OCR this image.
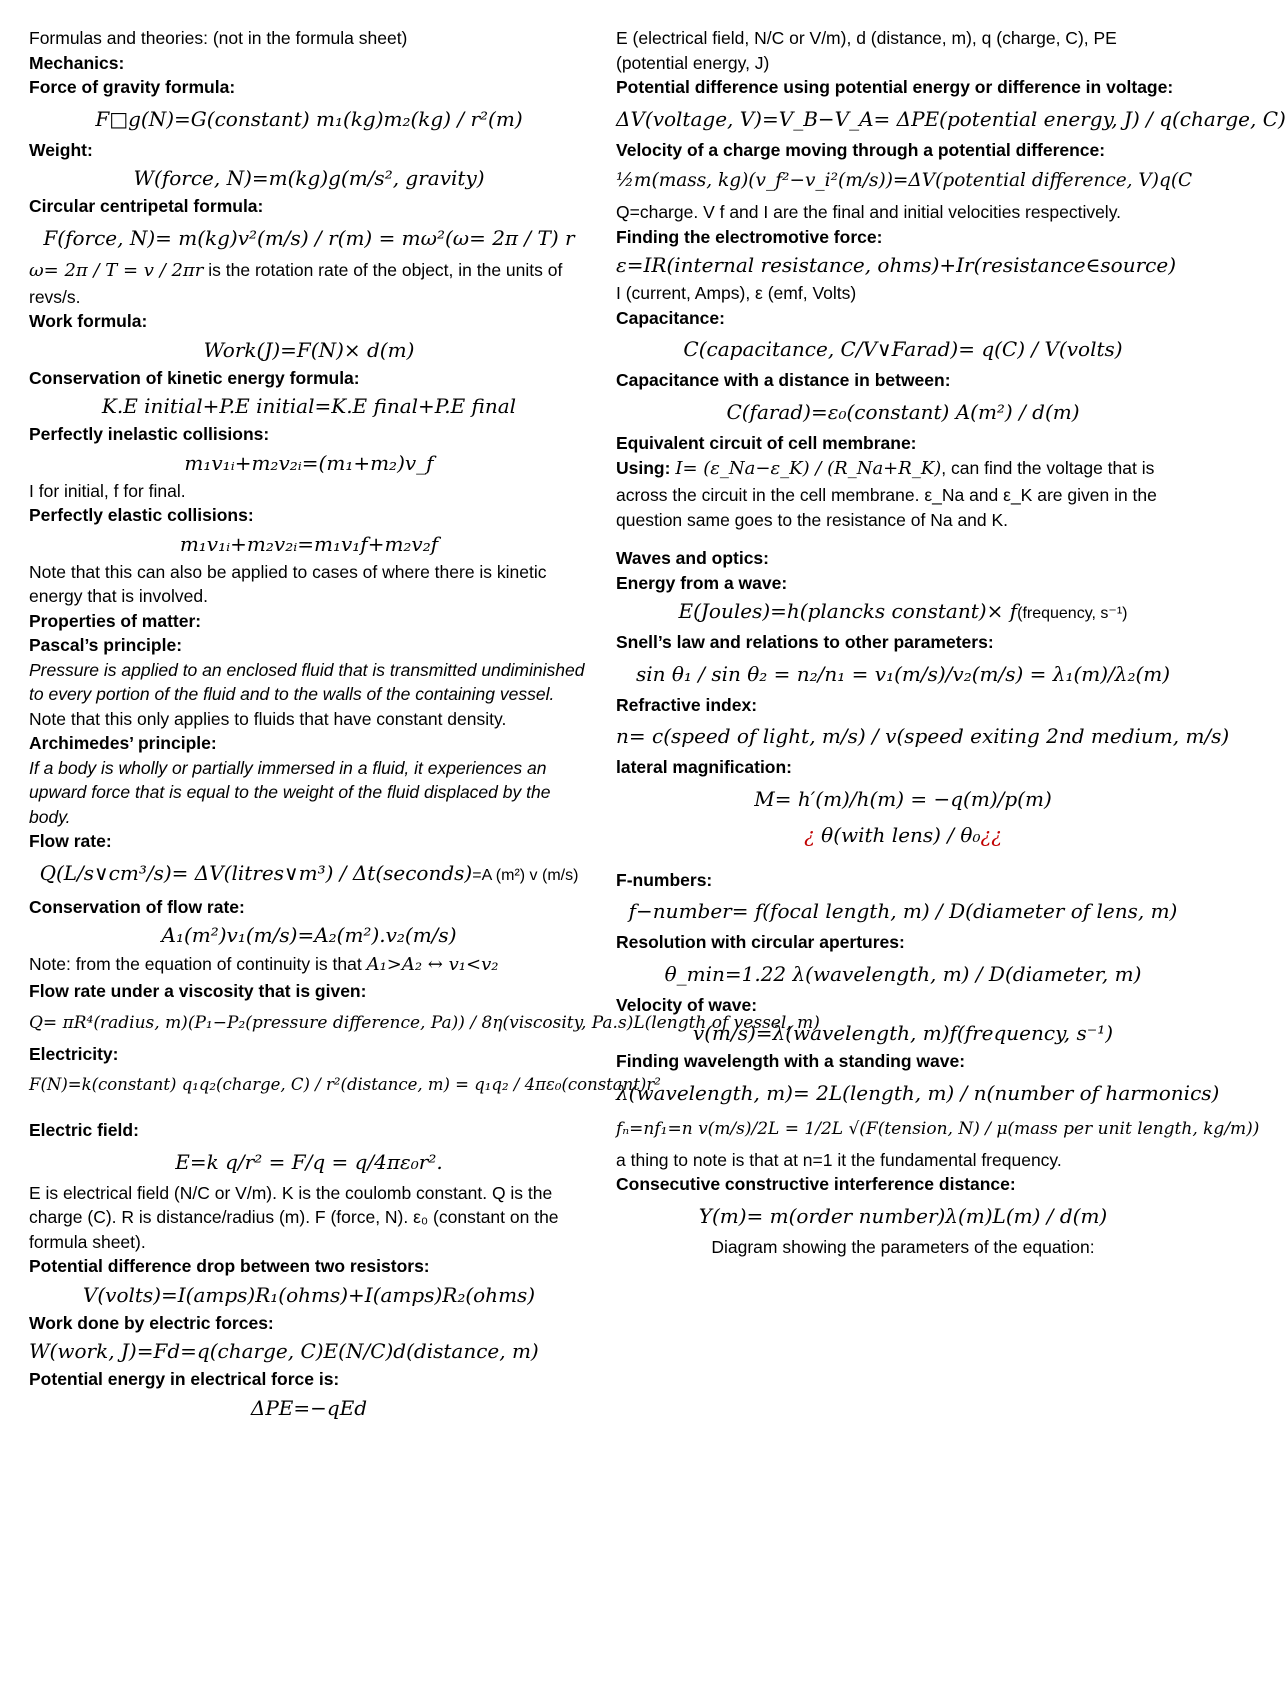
Formulas and theories: (not in the formula sheet)

Mechanics:

Force of gravity formula:

F□g(N)=G(constant) m₁(kg)m₂(kg) / r²(m)

Weight:

W(force, N)=m(kg)g(m/s², gravity)

Circular centripetal formula:

F(force, N)= m(kg)v²(m/s) / r(m) = mω²(ω= 2π / T) r

ω= 2π / T = v / 2πr is the rotation rate of the object, in the units of revs/s.

Work formula:

Work(J)=F(N)× d(m)

Conservation of kinetic energy formula:

K.E initial+P.E initial=K.E final+P.E final

Perfectly inelastic collisions:

m₁v₁ᵢ+m₂v₂ᵢ=(m₁+m₂)v_f

I for initial, f for final.

Perfectly elastic collisions:

m₁v₁ᵢ+m₂v₂ᵢ=m₁v₁f+m₂v₂f

Note that this can also be applied to cases of where there is kinetic energy that is involved.

Properties of matter:

Pascal’s principle:

Pressure is applied to an enclosed fluid that is transmitted undiminished to every portion of the fluid and to the walls of the containing vessel. Note that this only applies to fluids that have constant density.

Archimedes’ principle:

If a body is wholly or partially immersed in a fluid, it experiences an upward force that is equal to the weight of the fluid displaced by the body.

Flow rate:

Q(L/s∨cm³/s)= ΔV(litres∨m³) / Δt(seconds)=A (m²) v (m/s)

Conservation of flow rate:

A₁(m²)v₁(m/s)=A₂(m²).v₂(m/s)

Note: from the equation of continuity is that A₁>A₂ ↔ v₁<v₂

Flow rate under a viscosity that is given:

Q= πR⁴(radius, m)(P₁−P₂(pressure difference, Pa)) / 8η(viscosity, Pa.s)L(length of vessel, m)

Electricity:

F(N)=k(constant) q₁q₂(charge, C) / r²(distance, m) = q₁q₂ / 4πε₀(constant)r²

Electric field:

E=k q/r² = F/q = q/4πε₀r².

E is electrical field (N/C or V/m). K is the coulomb constant. Q is the charge (C). R is distance/radius (m). F (force, N). ε₀ (constant on the formula sheet).

Potential difference drop between two resistors:

V(volts)=I(amps)R₁(ohms)+I(amps)R₂(ohms)

Work done by electric forces:

W(work, J)=Fd=q(charge, C)E(N/C)d(distance, m)

Potential energy in electrical force is:

ΔPE=−qEd

E (electrical field, N/C or V/m), d (distance, m), q (charge, C), PE (potential energy, J)

Potential difference using potential energy or difference in voltage:

ΔV(voltage, V)=V_B−V_A= ΔPE(potential energy, J) / q(charge, C)

Velocity of a charge moving through a potential difference:

½m(mass, kg)(v_f²−v_i²(m/s))=ΔV(potential difference, V)q(C

Q=charge. V f and I are the final and initial velocities respectively.

Finding the electromotive force:

ε=IR(internal resistance, ohms)+Ir(resistance∈source)

I (current, Amps), ε (emf, Volts)

Capacitance:

C(capacitance, C/V∨Farad)= q(C) / V(volts)

Capacitance with a distance in between:

C(farad)=ε₀(constant) A(m²) / d(m)

Equivalent circuit of cell membrane:

Using: I= (ε_Na−ε_K) / (R_Na+R_K), can find the voltage that is across the circuit in the cell membrane. ε_Na and ε_K are given in the question same goes to the resistance of Na and K.

Waves and optics:

Energy from a wave:

E(Joules)=h(plancks constant)× f(frequency, s⁻¹)

Snell’s law and relations to other parameters:

sin θ₁ / sin θ₂ = n₂/n₁ = v₁(m/s)/v₂(m/s) = λ₁(m)/λ₂(m)

Refractive index:

n= c(speed of light, m/s) / v(speed exiting 2nd medium, m/s)

lateral magnification:

M= h′(m)/h(m) = −q(m)/p(m)
¿ θ(with lens) / θ₀¿¿

F-numbers:

f−number= f(focal length, m) / D(diameter of lens, m)

Resolution with circular apertures:

θ_min=1.22 λ(wavelength, m) / D(diameter, m)

Velocity of wave:

v(m/s)=λ(wavelength, m)f(frequency, s⁻¹)

Finding wavelength with a standing wave:

λ(wavelength, m)= 2L(length, m) / n(number of harmonics)
fₙ=nf₁=n v(m/s)/2L = 1/2L √(F(tension, N) / μ(mass per unit length, kg/m))

a thing to note is that at n=1 it the fundamental frequency.

Consecutive constructive interference distance:

Y(m)= m(order number)λ(m)L(m) / d(m)

Diagram showing the parameters of the equation:
